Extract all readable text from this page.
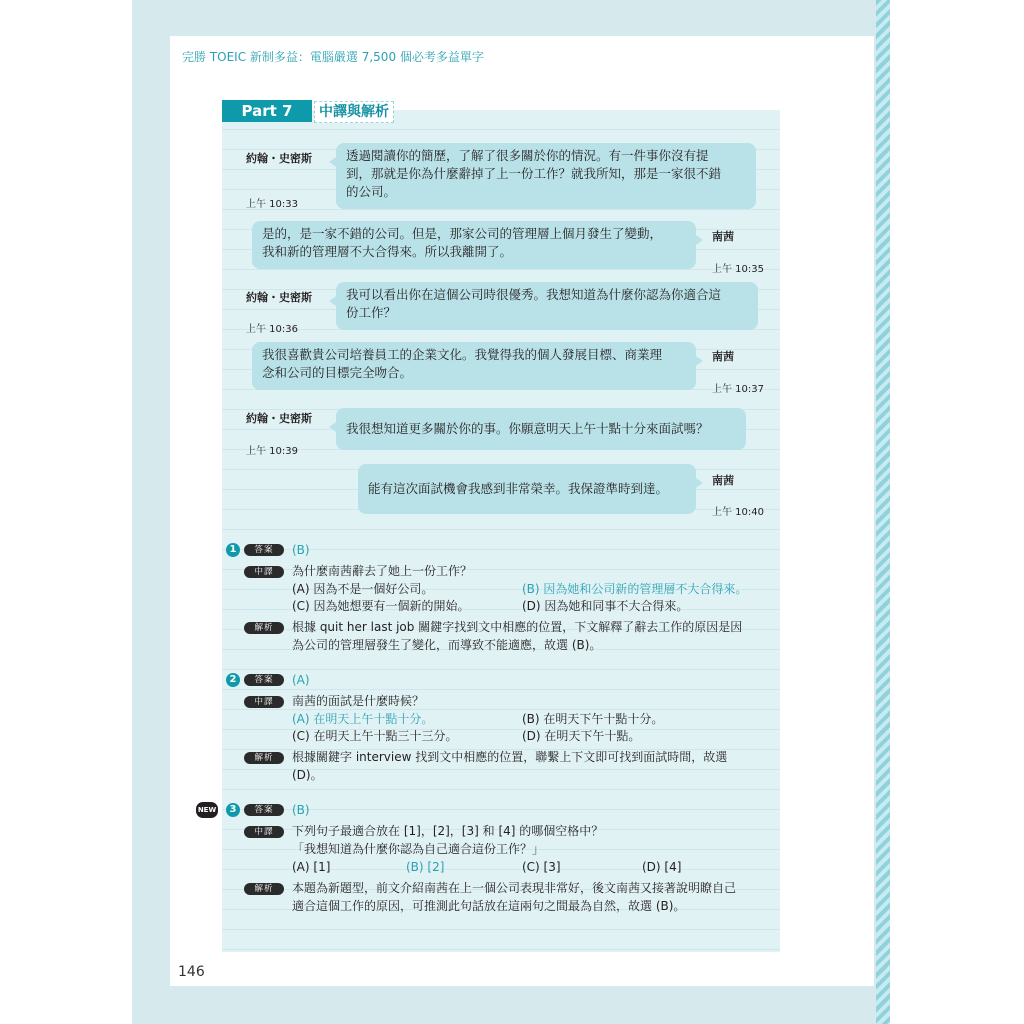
完勝 TOEIC 新制多益：電腦嚴選 7,500 個必考多益單字
Part 7	中譯與解析
約翰・史密斯	透過閱讀你的簡歷，了解了很多關於你的情況。有一件事你沒有提
到，那就是你為什麼辭掉了上一份工作？就我所知，那是一家很不錯
的公司。
上午 10:33
是的，是一家不錯的公司。但是，那家公司的管理層上個月發生了變動，
我和新的管理層不大合得來。所以我離開了。
南茜
上午 10:35
約翰・史密斯	我可以看出你在這個公司時很優秀。我想知道為什麼你認為你適合這
份工作？
上午 10:36
我很喜歡貴公司培養員工的企業文化。我覺得我的個人發展目標、商業理
念和公司的目標完全吻合。
南茜
上午 10:37
約翰・史密斯
我很想知道更多關於你的事。你願意明天上午十點十分來面試嗎？
上午 10:39
能有這次面試機會我感到非常榮幸。我保證準時到達。
南茜
上午 10:40
1	答案	(B)
中譯	為什麼南茜辭去了她上一份工作？
(A) 因為不是一個好公司。	(B) 因為她和公司新的管理層不大合得來。
(C) 因為她想要有一個新的開始。	(D) 因為她和同事不大合得來。
解析	根據 quit her last job 關鍵字找到文中相應的位置，下文解釋了辭去工作的原因是因
為公司的管理層發生了變化，而導致不能適應，故選 (B)。
2	答案	(A)
中譯	南茜的面試是什麼時候？
(A) 在明天上午十點十分。	(B) 在明天下午十點十分。
(C) 在明天上午十點三十三分。	(D) 在明天下午十點。
解析	根據關鍵字 interview 找到文中相應的位置，聯繫上下文即可找到面試時間，故選
(D)。
NEW	3	答案	(B)
中譯	下列句子最適合放在 [1]，[2]，[3] 和 [4] 的哪個空格中？
「我想知道為什麼你認為自己適合這份工作？」
(A) [1]	(B) [2]	(C) [3]	(D) [4]
解析	本題為新題型，前文介紹南茜在上一個公司表現非常好，後文南茜又接著說明瞭自己
適合這個工作的原因，可推測此句話放在這兩句之間最為自然，故選 (B)。
146
